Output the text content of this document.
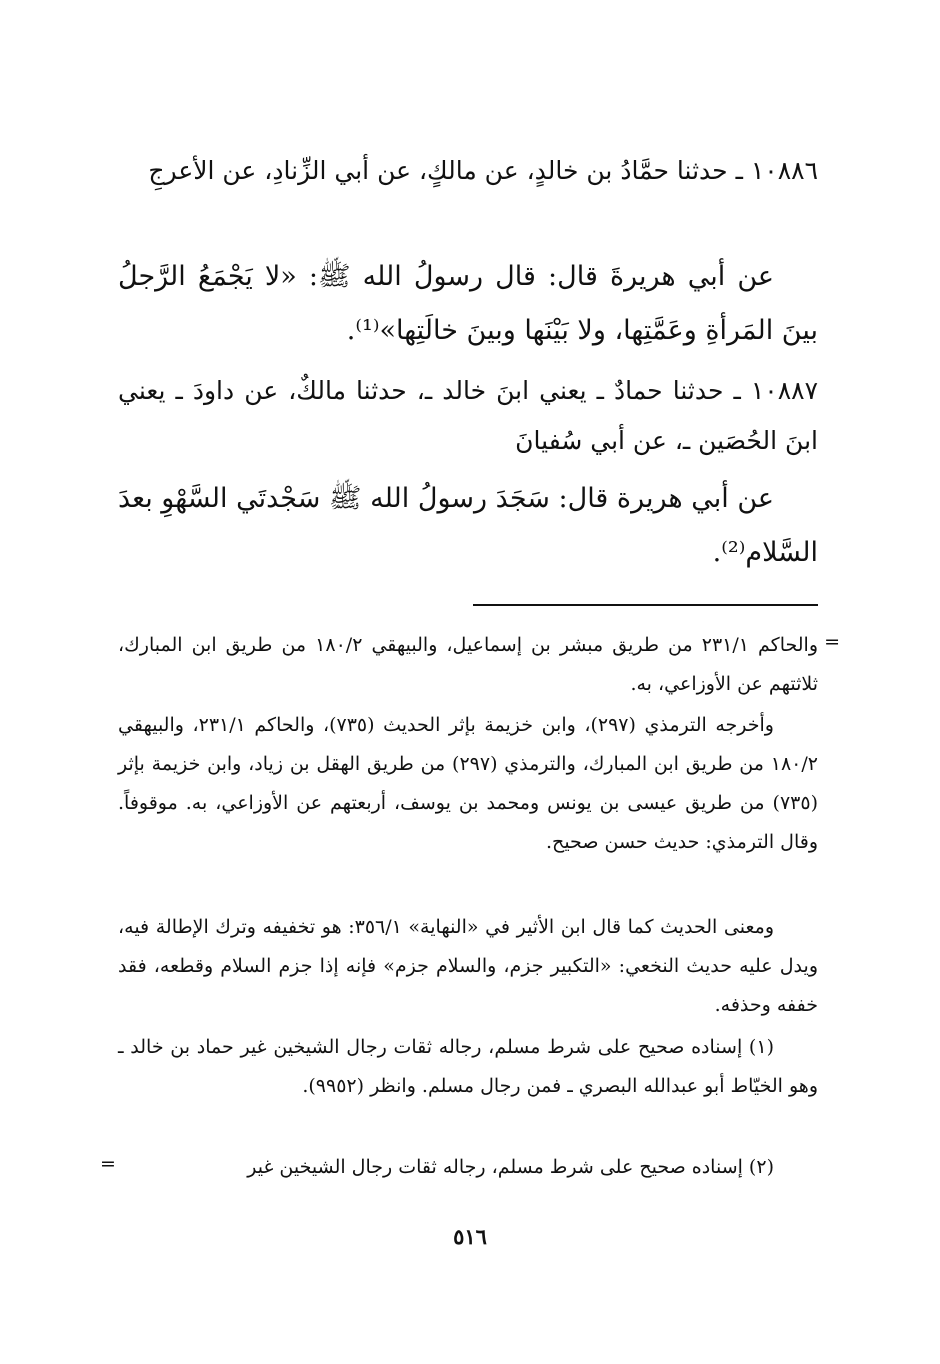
١٠٨٨٦ ـ حدثنا حمَّادُ بن خالدٍ، عن مالكٍ، عن أبي الزِّنادِ، عن الأعرجِ

عن أبي هريرةَ قال: قال رسولُ الله ﷺ: «لا يَجْمَعُ الرَّجلُ بينَ المَرأةِ وعَمَّتِها، ولا بَيْنَها وبينَ خالَتِها»⁽¹⁾.

١٠٨٨٧ ـ حدثنا حمادٌ ـ يعني ابنَ خالد ـ، حدثنا مالكٌ، عن داودَ ـ يعني ابنَ الحُصَين ـ، عن أبي سُفيانَ

عن أبي هريرة قال: سَجَدَ رسولُ الله ﷺ سَجْدتَي السَّهْوِ بعدَ السَّلام⁽²⁾.

والحاكم ٢٣١/١ من طريق مبشر بن إسماعيل، والبيهقي ١٨٠/٢ من طريق ابن المبارك، ثلاثتهم عن الأوزاعي، به.

وأخرجه الترمذي (٢٩٧)، وابن خزيمة بإثر الحديث (٧٣٥)، والحاكم ٢٣١/١، والبيهقي ١٨٠/٢ من طريق ابن المبارك، والترمذي (٢٩٧) من طريق الهقل بن زياد، وابن خزيمة بإثر (٧٣٥) من طريق عيسى بن يونس ومحمد بن يوسف، أربعتهم عن الأوزاعي، به. موقوفاً. وقال الترمذي: حديث حسن صحيح.

ومعنى الحديث كما قال ابن الأثير في «النهاية» ٣٥٦/١: هو تخفيفه وترك الإطالة فيه، ويدل عليه حديث النخعي: «التكبير جزم، والسلام جزم» فإنه إذا جزم السلام وقطعه، فقد خففه وحذفه.

(١) إسناده صحيح على شرط مسلم، رجاله ثقات رجال الشيخين غير حماد بن خالد ـ وهو الخيّاط أبو عبدالله البصري ـ فمن رجال مسلم. وانظر (٩٩٥٢).

(٢) إسناده صحيح على شرط مسلم، رجاله ثقات رجال الشيخين غير

=
=
٥١٦
